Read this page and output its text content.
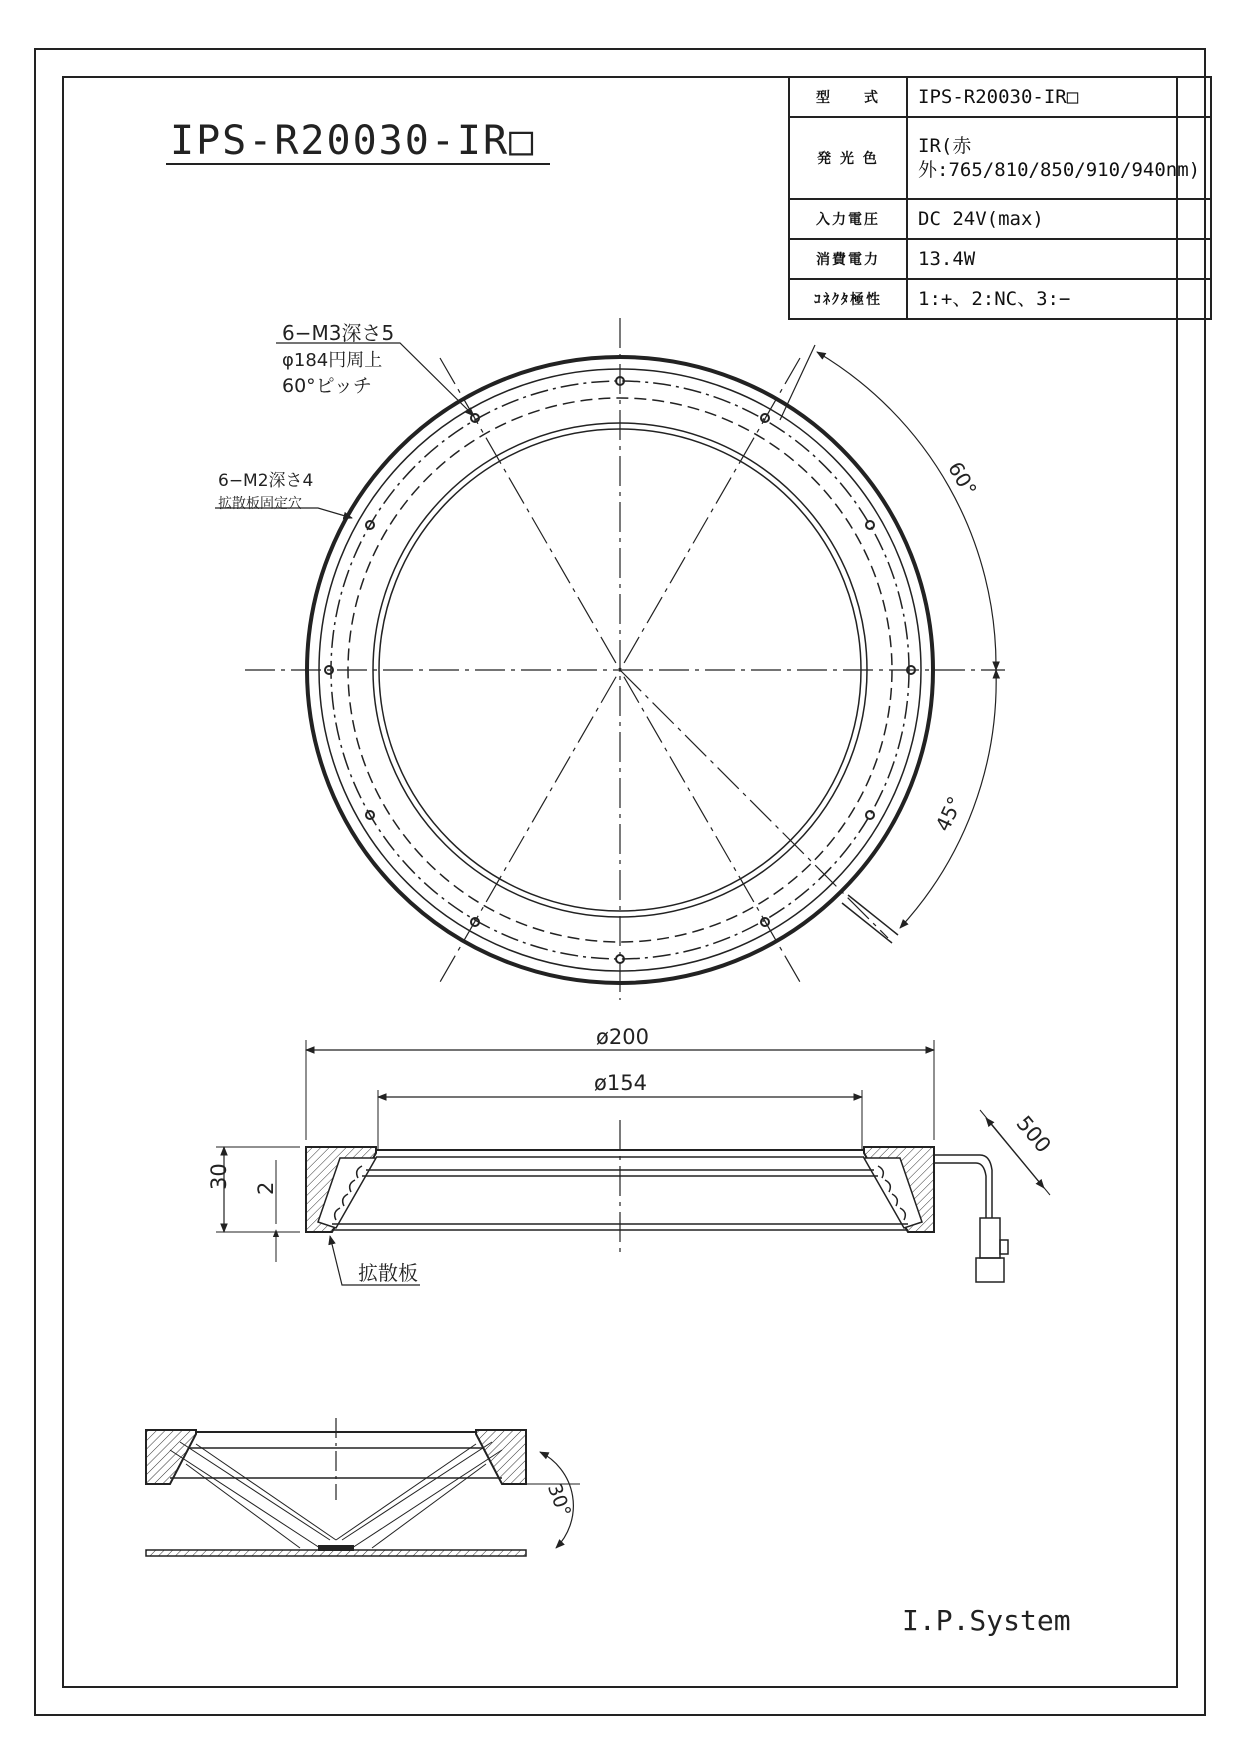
IPS-R20030-IR□
型　　式	IPS-R20030-IR□
発 光 色	IR(赤外:765/810/850/910/940nm)
入力電圧	DC 24V(max)
消費電力	13.4W
ｺﾈｸﾀ極性	1:+、2:NC、3:−
6−M3深さ5
φ184円周上
60°ピッチ
6−M2深さ4
拡散板固定穴
60°
45°
ø200
ø154
30 2
500
拡散板
30°
I.P.System
